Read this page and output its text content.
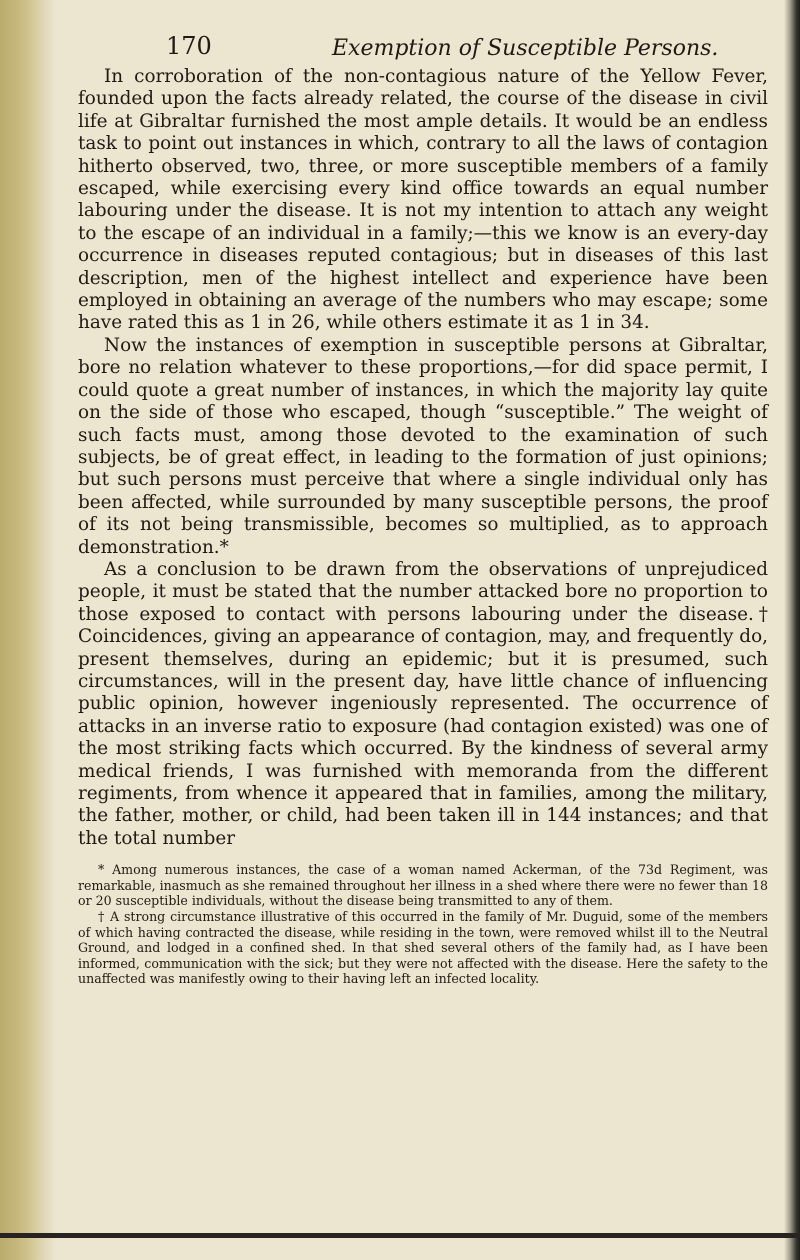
170	Exemption of Susceptible Persons.

In corroboration of the non-contagious nature of the Yellow Fever, founded upon the facts already related, the course of the disease in civil life at Gibraltar furnished the most ample details. It would be an endless task to point out instances in which, contrary to all the laws of contagion hitherto observed, two, three, or more susceptible members of a family escaped, while exercising every kind office towards an equal number labouring under the disease. It is not my intention to attach any weight to the escape of an individual in a family;—this we know is an every-day occurrence in diseases reputed contagious; but in diseases of this last description, men of the highest intellect and experience have been employed in obtaining an average of the numbers who may escape; some have rated this as 1 in 26, while others estimate it as 1 in 34.

Now the instances of exemption in susceptible persons at Gibraltar, bore no relation whatever to these proportions,—for did space permit, I could quote a great number of instances, in which the majority lay quite on the side of those who escaped, though “susceptible.” The weight of such facts must, among those devoted to the examination of such subjects, be of great effect, in leading to the formation of just opinions; but such persons must perceive that where a single individual only has been affected, while surrounded by many susceptible persons, the proof of its not being transmissible, becomes so multiplied, as to approach demonstration.*

As a conclusion to be drawn from the observations of unprejudiced people, it must be stated that the number attacked bore no proportion to those exposed to contact with persons labouring under the disease.† Coincidences, giving an appearance of contagion, may, and frequently do, present themselves, during an epidemic; but it is presumed, such circumstances, will in the present day, have little chance of influencing public opinion, however ingeniously represented. The occurrence of attacks in an inverse ratio to exposure (had contagion existed) was one of the most striking facts which occurred. By the kindness of several army medical friends, I was furnished with memoranda from the different regiments, from whence it appeared that in families, among the military, the father, mother, or child, had been taken ill in 144 instances; and that the total number

* Among numerous instances, the case of a woman named Ackerman, of the 73d Regiment, was remarkable, inasmuch as she remained throughout her illness in a shed where there were no fewer than 18 or 20 susceptible individuals, without the disease being transmitted to any of them.

† A strong circumstance illustrative of this occurred in the family of Mr. Duguid, some of the members of which having contracted the disease, while residing in the town, were removed whilst ill to the Neutral Ground, and lodged in a confined shed. In that shed several others of the family had, as I have been informed, communication with the sick; but they were not affected with the disease. Here the safety to the unaffected was manifestly owing to their having left an infected locality.
